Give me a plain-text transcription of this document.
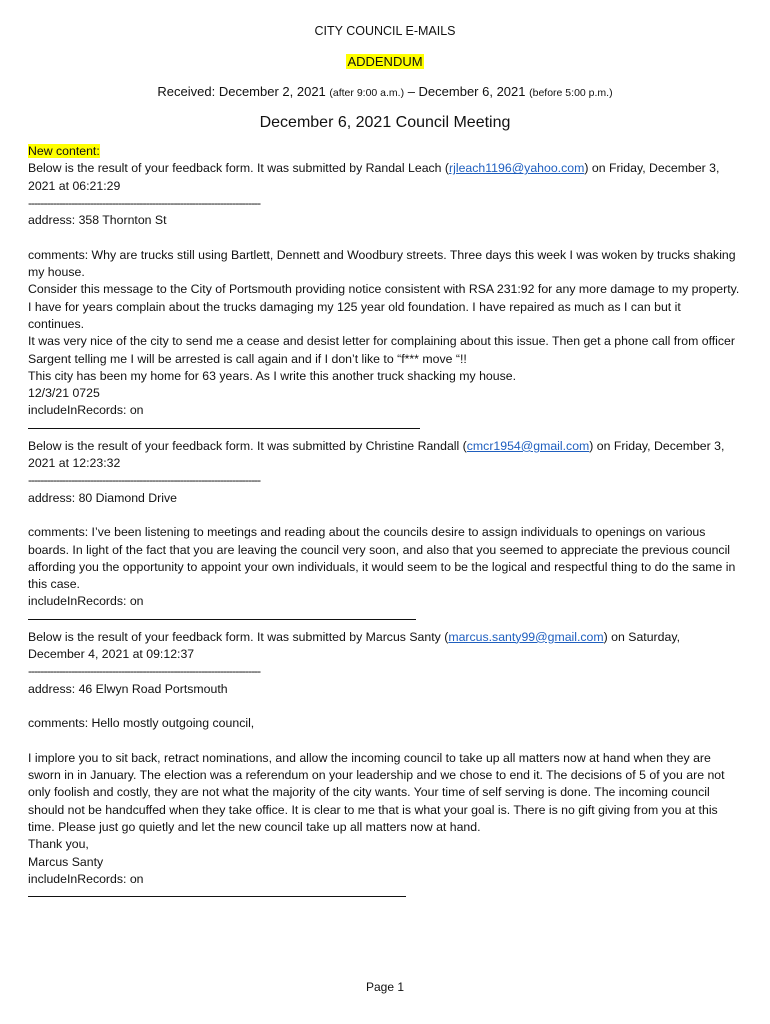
CITY COUNCIL E-MAILS
ADDENDUM
Received: December 2, 2021 (after 9:00 a.m.) – December 6, 2021 (before 5:00 p.m.)
December 6, 2021 Council Meeting

New content:

Below is the result of your feedback form. It was submitted by Randal Leach (rjleach1196@yahoo.com) on Friday, December 3, 2021 at 06:21:29

---------------------------------------------------------------------------

address: 358 Thornton St

comments: Why are trucks still using Bartlett, Dennett and Woodbury streets. Three days this week I was woken by trucks shaking my house.

Consider this message to the City of Portsmouth providing notice consistent with RSA 231:92 for any more damage to my property. I have for years complain about the trucks damaging my 125 year old foundation. I have repaired as much as I can but it continues.

It was very nice of the city to send me a cease and desist letter for complaining about this issue. Then get a phone call from officer Sargent telling me I will be arrested is call again and if I don’t like to “f*** move “!!

This city has been my home for 63 years. As I write this another truck shacking my house.

12/3/21 0725

includeInRecords: on

Below is the result of your feedback form. It was submitted by Christine Randall (cmcr1954@gmail.com) on Friday, December 3, 2021 at 12:23:32

---------------------------------------------------------------------------

address: 80 Diamond Drive

comments: I’ve been listening to meetings and reading about the councils desire to assign individuals to openings on various boards. In light of the fact that you are leaving the council very soon, and also that you seemed to appreciate the previous council affording you the opportunity to appoint your own individuals, it would seem to be the logical and respectful thing to do the same in this case.

includeInRecords: on

Below is the result of your feedback form. It was submitted by Marcus Santy (marcus.santy99@gmail.com) on Saturday, December 4, 2021 at 09:12:37

---------------------------------------------------------------------------

address: 46 Elwyn Road Portsmouth

comments: Hello mostly outgoing council,

I implore you to sit back, retract nominations, and allow the incoming council to take up all matters now at hand when they are sworn in in January. The election was a referendum on your leadership and we chose to end it. The decisions of 5 of you are not only foolish and costly, they are not what the majority of the city wants. Your time of self serving is done. The incoming council should not be handcuffed when they take office. It is clear to me that is what your goal is. There is no gift giving from you at this time. Please just go quietly and let the new council take up all matters now at hand.

Thank you,

Marcus Santy

includeInRecords: on

Page 1
